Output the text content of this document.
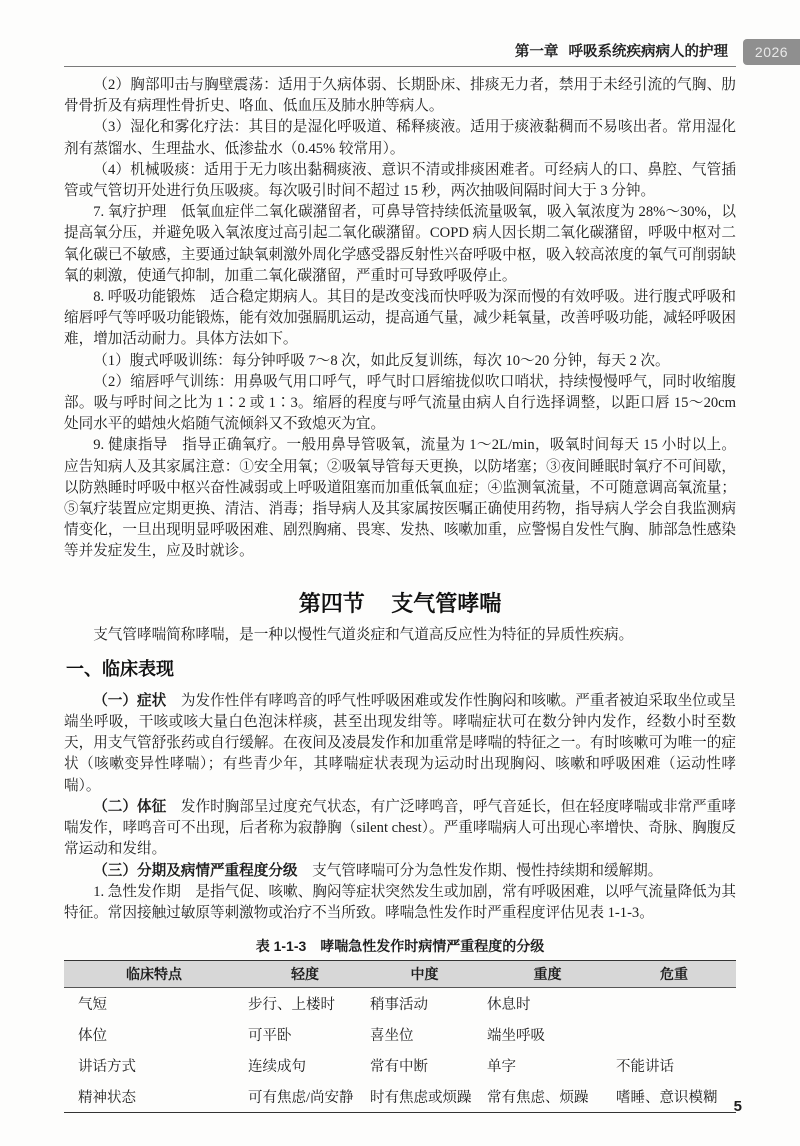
第一章 呼吸系统疾病病人的护理	2026

（2）胸部叩击与胸壁震荡：适用于久病体弱、长期卧床、排痰无力者，禁用于未经引流的气胸、肋骨骨折及有病理性骨折史、咯血、低血压及肺水肿等病人。

（3）湿化和雾化疗法：其目的是湿化呼吸道、稀释痰液。适用于痰液黏稠而不易咳出者。常用湿化剂有蒸馏水、生理盐水、低渗盐水（0.45% 较常用）。

（4）机械吸痰：适用于无力咳出黏稠痰液、意识不清或排痰困难者。可经病人的口、鼻腔、气管插管或气管切开处进行负压吸痰。每次吸引时间不超过 15 秒，两次抽吸间隔时间大于 3 分钟。

7. 氧疗护理 低氧血症伴二氧化碳潴留者，可鼻导管持续低流量吸氧，吸入氧浓度为 28%～30%，以提高氧分压，并避免吸入氧浓度过高引起二氧化碳潴留。COPD 病人因长期二氧化碳潴留，呼吸中枢对二氧化碳已不敏感，主要通过缺氧刺激外周化学感受器反射性兴奋呼吸中枢，吸入较高浓度的氧气可削弱缺氧的刺激，使通气抑制，加重二氧化碳潴留，严重时可导致呼吸停止。

8. 呼吸功能锻炼 适合稳定期病人。其目的是改变浅而快呼吸为深而慢的有效呼吸。进行腹式呼吸和缩唇呼气等呼吸功能锻炼，能有效加强膈肌运动，提高通气量，减少耗氧量，改善呼吸功能，减轻呼吸困难，增加活动耐力。具体方法如下。

（1）腹式呼吸训练：每分钟呼吸 7～8 次，如此反复训练，每次 10～20 分钟，每天 2 次。

（2）缩唇呼气训练：用鼻吸气用口呼气，呼气时口唇缩拢似吹口哨状，持续慢慢呼气，同时收缩腹部。吸与呼时间之比为 1∶2 或 1∶3。缩唇的程度与呼气流量由病人自行选择调整，以距口唇 15～20cm 处同水平的蜡烛火焰随气流倾斜又不致熄灭为宜。

9. 健康指导 指导正确氧疗。一般用鼻导管吸氧，流量为 1～2L/min，吸氧时间每天 15 小时以上。应告知病人及其家属注意：①安全用氧；②吸氧导管每天更换，以防堵塞；③夜间睡眠时氧疗不可间歇，以防熟睡时呼吸中枢兴奋性减弱或上呼吸道阻塞而加重低氧血症；④监测氧流量，不可随意调高氧流量；⑤氧疗装置应定期更换、清洁、消毒；指导病人及其家属按医嘱正确使用药物，指导病人学会自我监测病情变化，一旦出现明显呼吸困难、剧烈胸痛、畏寒、发热、咳嗽加重，应警惕自发性气胸、肺部急性感染等并发症发生，应及时就诊。

第四节 支气管哮喘

支气管哮喘简称哮喘，是一种以慢性气道炎症和气道高反应性为特征的异质性疾病。

一、临床表现

（一）症状 为发作性伴有哮鸣音的呼气性呼吸困难或发作性胸闷和咳嗽。严重者被迫采取坐位或呈端坐呼吸，干咳或咳大量白色泡沫样痰，甚至出现发绀等。哮喘症状可在数分钟内发作，经数小时至数天，用支气管舒张药或自行缓解。在夜间及凌晨发作和加重常是哮喘的特征之一。有时咳嗽可为唯一的症状（咳嗽变异性哮喘）；有些青少年，其哮喘症状表现为运动时出现胸闷、咳嗽和呼吸困难（运动性哮喘）。

（二）体征 发作时胸部呈过度充气状态，有广泛哮鸣音，呼气音延长，但在轻度哮喘或非常严重哮喘发作，哮鸣音可不出现，后者称为寂静胸（silent chest）。严重哮喘病人可出现心率增快、奇脉、胸腹反常运动和发绀。

（三）分期及病情严重程度分级 支气管哮喘可分为急性发作期、慢性持续期和缓解期。

1. 急性发作期 是指气促、咳嗽、胸闷等症状突然发生或加剧，常有呼吸困难，以呼气流量降低为其特征。常因接触过敏原等刺激物或治疗不当所致。哮喘急性发作时严重程度评估见表 1-1-3。

表 1-1-3 哮喘急性发作时病情严重程度的分级
临床特点	轻度	中度	重度	危重
气短	步行、上楼时	稍事活动	休息时	
体位	可平卧	喜坐位	端坐呼吸	
讲话方式	连续成句	常有中断	单字	不能讲话
精神状态	可有焦虑/尚安静	时有焦虑或烦躁	常有焦虑、烦躁	嗜睡、意识模糊 5
